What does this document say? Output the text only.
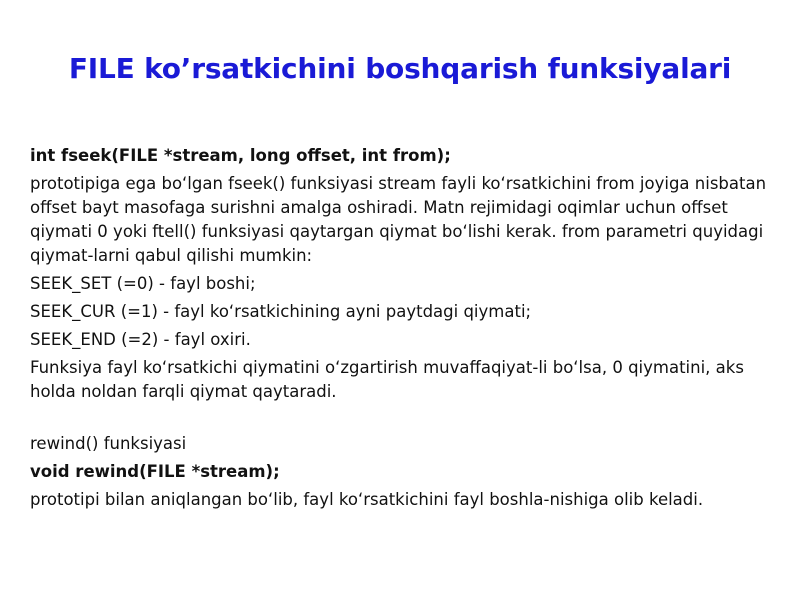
FILE ko’rsatkichini boshqarish funksiyalari

int fseek(FILE *stream, long offset, int from);

prototipiga ega bo‘lgan fseek() funksiyasi stream fayli ko‘rsatkichini from joyiga nisbatan offset bayt masofaga surishni amalga oshiradi. Matn rejimidagi oqimlar uchun offset qiymati 0 yoki ftell() funksiyasi qaytargan qiymat bo‘lishi kerak. from parametri quyidagi qiymat-larni qabul qilishi mumkin:

SEEK_SET (=0) - fayl boshi;

SEEK_CUR (=1) - fayl ko‘rsatkichining ayni paytdagi qiymati;

SEEK_END (=2) - fayl oxiri.

Funksiya fayl ko‘rsatkichi qiymatini o‘zgartirish muvaffaqiyat-li bo‘lsa, 0 qiymatini, aks holda noldan farqli qiymat qaytaradi.

rewind() funksiyasi

void rewind(FILE *stream);

prototipi bilan aniqlangan bo‘lib, fayl ko‘rsatkichini fayl boshla-nishiga olib keladi.
